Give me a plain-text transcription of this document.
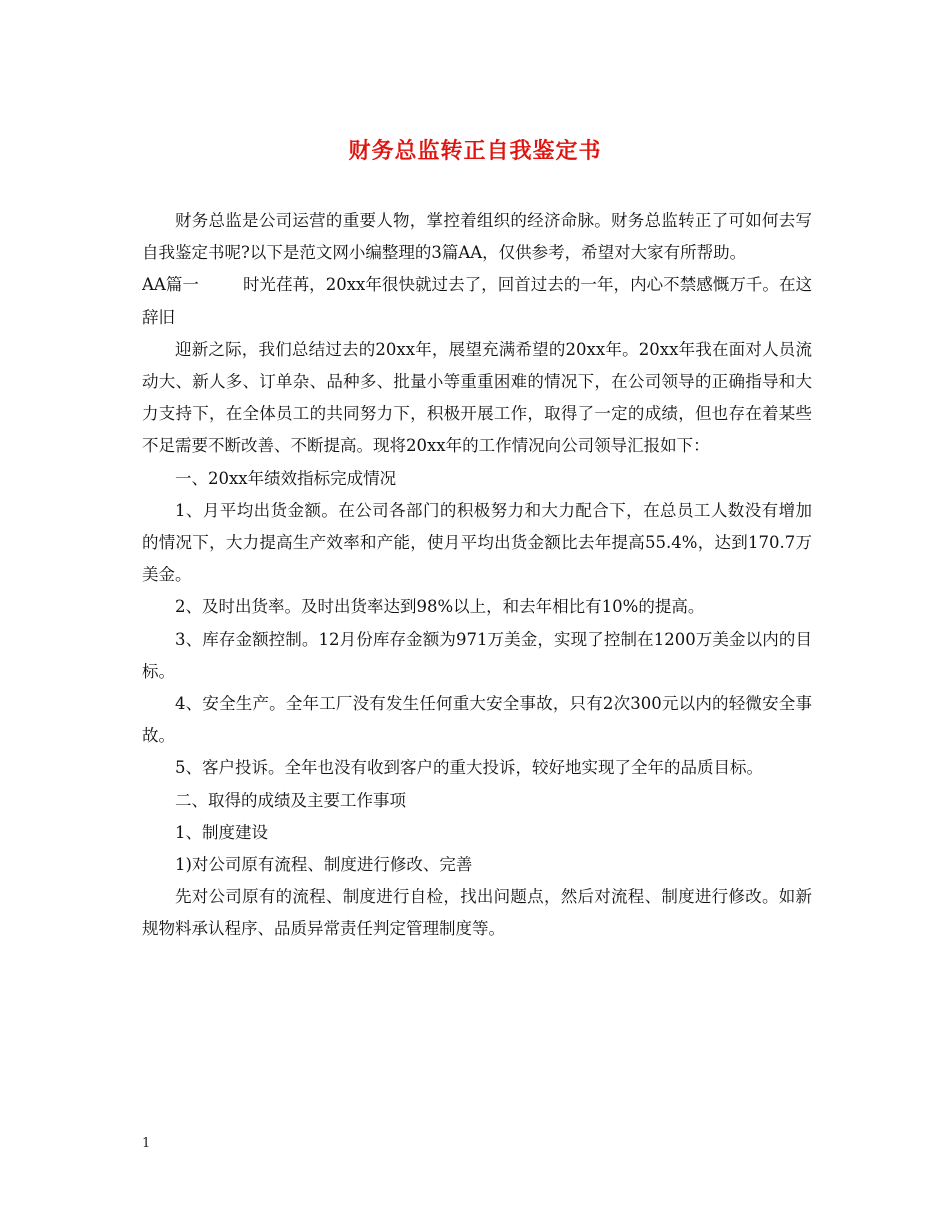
财务总监转正自我鉴定书

财务总监是公司运营的重要人物，掌控着组织的经济命脉。财务总监转正了可如何去写自我鉴定书呢?以下是范文网小编整理的3篇AA，仅供参考，希望对大家有所帮助。

AA篇一	时光荏苒，20xx年很快就过去了，回首过去的一年，内心不禁感慨万千。在这辞旧

迎新之际，我们总结过去的20xx年，展望充满希望的20xx年。20xx年我在面对人员流动大、新人多、订单杂、品种多、批量小等重重困难的情况下，在公司领导的正确指导和大力支持下，在全体员工的共同努力下，积极开展工作，取得了一定的成绩，但也存在着某些不足需要不断改善、不断提高。现将20xx年的工作情况向公司领导汇报如下：

一、20xx年绩效指标完成情况

1、月平均出货金额。在公司各部门的积极努力和大力配合下，在总员工人数没有增加的情况下，大力提高生产效率和产能，使月平均出货金额比去年提高55.4%，达到170.7万美金。

2、及时出货率。及时出货率达到98%以上，和去年相比有10%的提高。

3、库存金额控制。12月份库存金额为971万美金，实现了控制在1200万美金以内的目标。

4、安全生产。全年工厂没有发生任何重大安全事故，只有2次300元以内的轻微安全事故。

5、客户投诉。全年也没有收到客户的重大投诉，较好地实现了全年的品质目标。

二、取得的成绩及主要工作事项

1、制度建设

1)对公司原有流程、制度进行修改、完善

先对公司原有的流程、制度进行自检，找出问题点，然后对流程、制度进行修改。如新规物料承认程序、品质异常责任判定管理制度等。

1
